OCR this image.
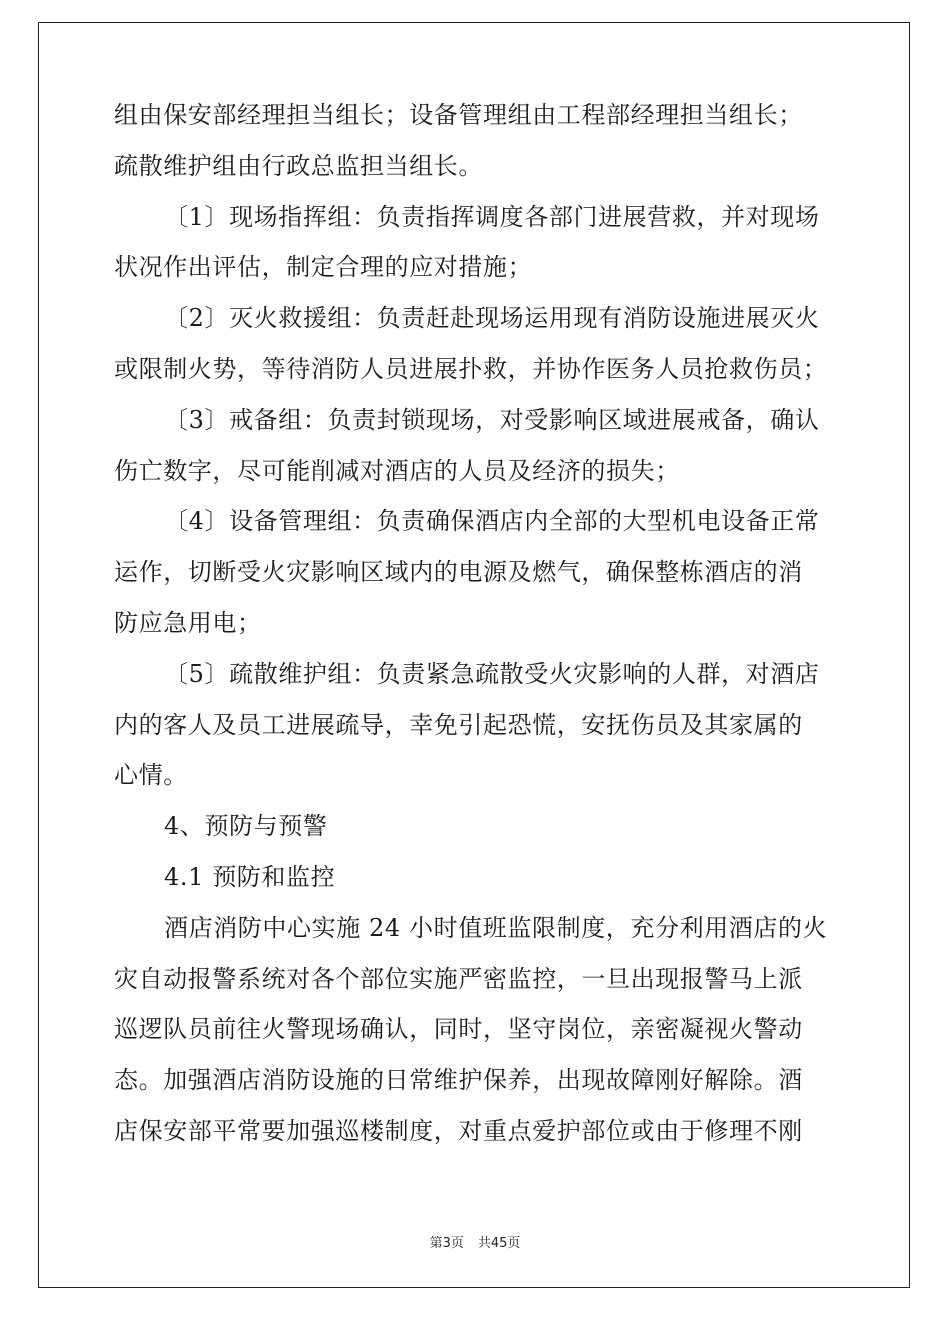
组由保安部经理担当组长；设备管理组由工程部经理担当组长；
疏散维护组由行政总监担当组长。
〔1〕现场指挥组：负责指挥调度各部门进展营救，并对现场
状况作出评估，制定合理的应对措施；
〔2〕灭火救援组：负责赶赴现场运用现有消防设施进展灭火
或限制火势，等待消防人员进展扑救，并协作医务人员抢救伤员；
〔3〕戒备组：负责封锁现场，对受影响区域进展戒备，确认
伤亡数字，尽可能削减对酒店的人员及经济的损失；
〔4〕设备管理组：负责确保酒店内全部的大型机电设备正常
运作，切断受火灾影响区域内的电源及燃气，确保整栋酒店的消
防应急用电；
〔5〕疏散维护组：负责紧急疏散受火灾影响的人群，对酒店
内的客人及员工进展疏导，幸免引起恐慌，安抚伤员及其家属的
心情。
4、预防与预警
4.1 预防和监控
酒店消防中心实施 24 小时值班监限制度，充分利用酒店的火
灾自动报警系统对各个部位实施严密监控，一旦出现报警马上派
巡逻队员前往火警现场确认，同时，坚守岗位，亲密凝视火警动
态。加强酒店消防设施的日常维护保养，出现故障刚好解除。酒
店保安部平常要加强巡楼制度，对重点爱护部位或由于修理不刚
第3页 共45页
